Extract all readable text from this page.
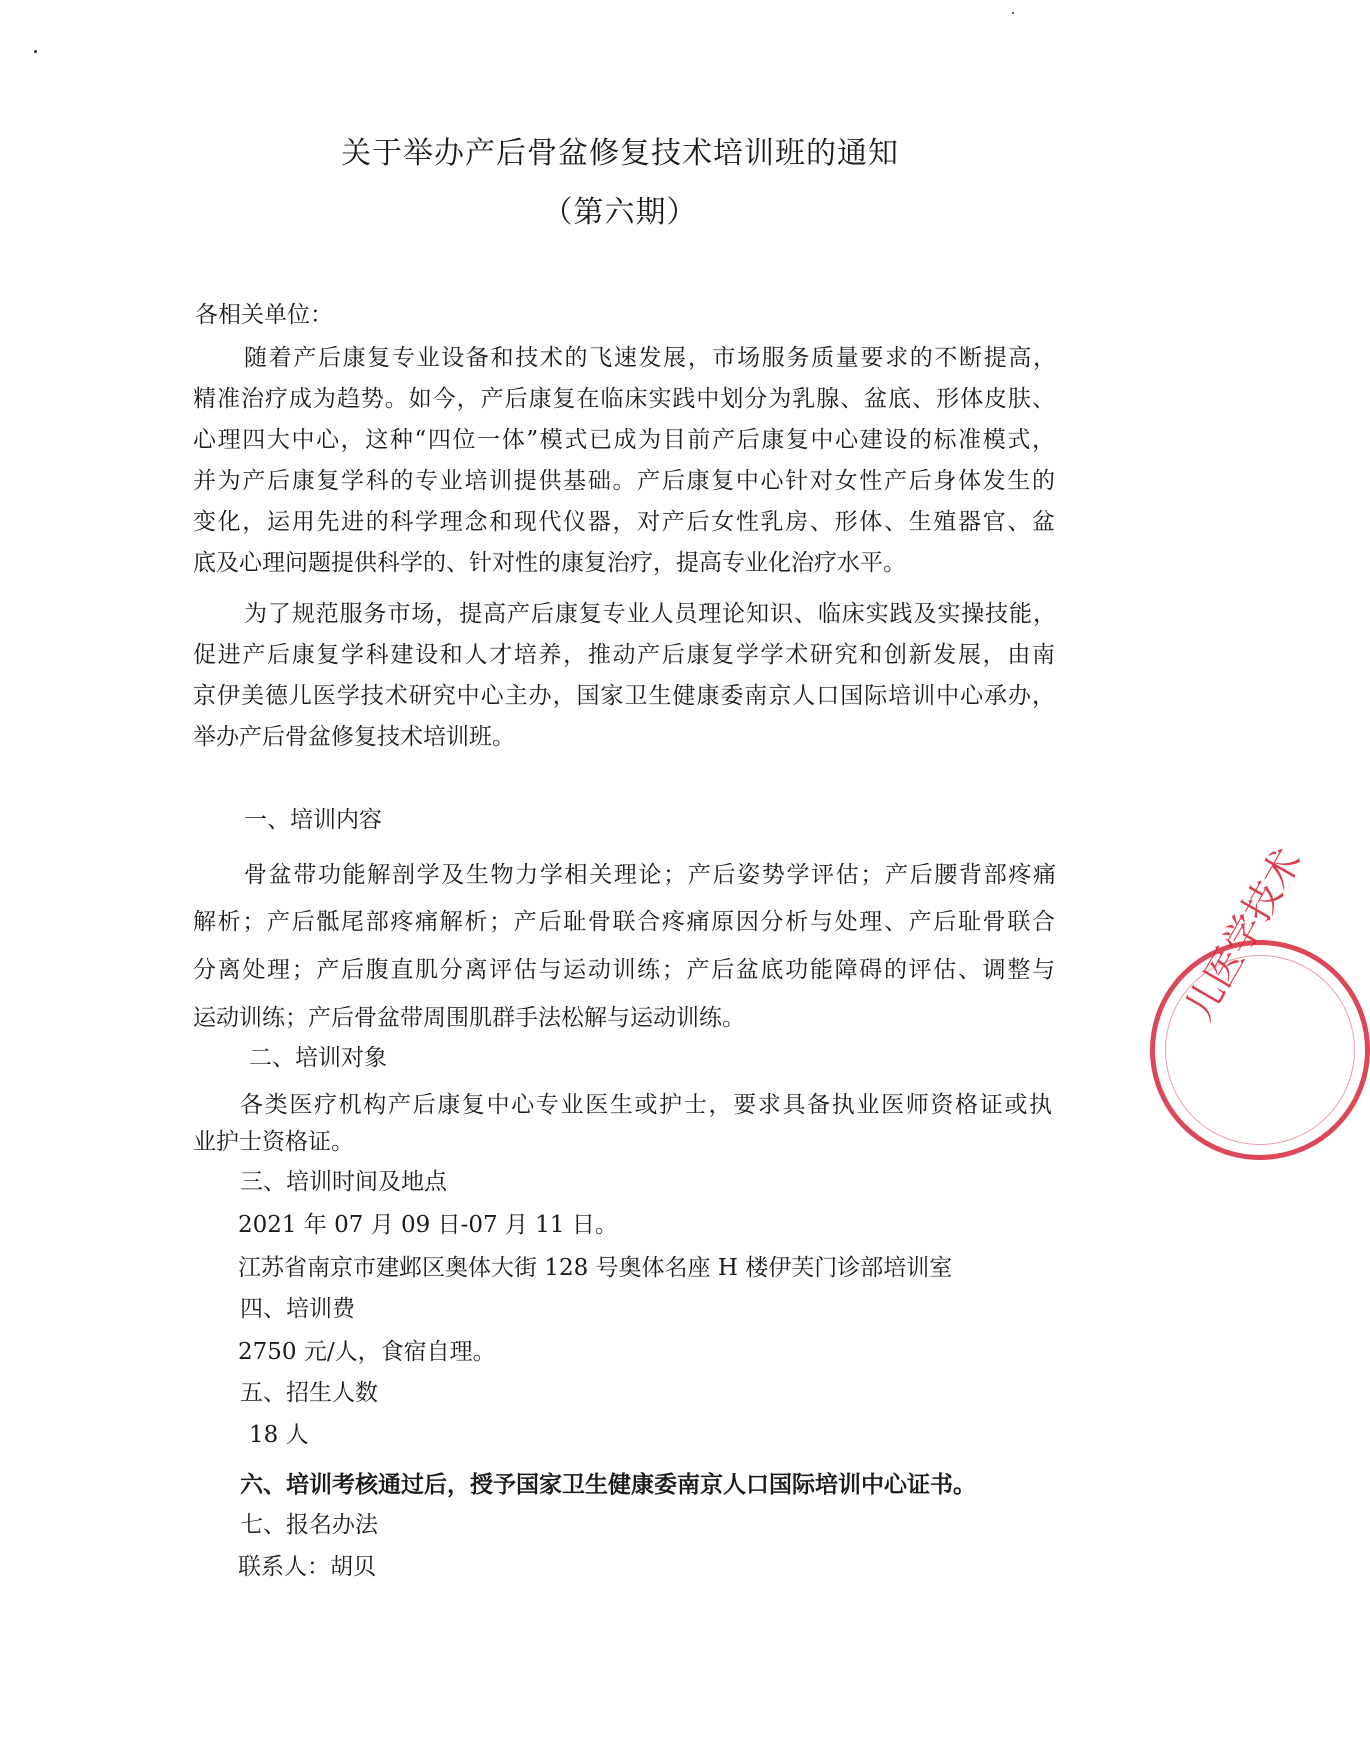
关于举办产后骨盆修复技术培训班的通知
（第六期）
各相关单位：
随着产后康复专业设备和技术的飞速发展，市场服务质量要求的不断提高，
精准治疗成为趋势。如今，产后康复在临床实践中划分为乳腺、盆底、形体皮肤、
心理四大中心，这种“四位一体”模式已成为目前产后康复中心建设的标准模式，
并为产后康复学科的专业培训提供基础。产后康复中心针对女性产后身体发生的
变化，运用先进的科学理念和现代仪器，对产后女性乳房、形体、生殖器官、盆
底及心理问题提供科学的、针对性的康复治疗，提高专业化治疗水平。
为了规范服务市场，提高产后康复专业人员理论知识、临床实践及实操技能，
促进产后康复学科建设和人才培养，推动产后康复学学术研究和创新发展，由南
京伊美德儿医学技术研究中心主办，国家卫生健康委南京人口国际培训中心承办，
举办产后骨盆修复技术培训班。
一、培训内容
骨盆带功能解剖学及生物力学相关理论；产后姿势学评估；产后腰背部疼痛
解析；产后骶尾部疼痛解析；产后耻骨联合疼痛原因分析与处理、产后耻骨联合
分离处理；产后腹直肌分离评估与运动训练；产后盆底功能障碍的评估、调整与
运动训练；产后骨盆带周围肌群手法松解与运动训练。
二、培训对象
各类医疗机构产后康复中心专业医生或护士，要求具备执业医师资格证或执
业护士资格证。
三、培训时间及地点
2021 年 07 月 09 日-07 月 11 日。
江苏省南京市建邺区奥体大街 128 号奥体名座 H 楼伊芙门诊部培训室
四、培训费
2750 元/人，食宿自理。
五、招生人数
18 人
六、培训考核通过后，授予国家卫生健康委南京人口国际培训中心证书。
七、报名办法
联系人：胡贝
儿医学技术
